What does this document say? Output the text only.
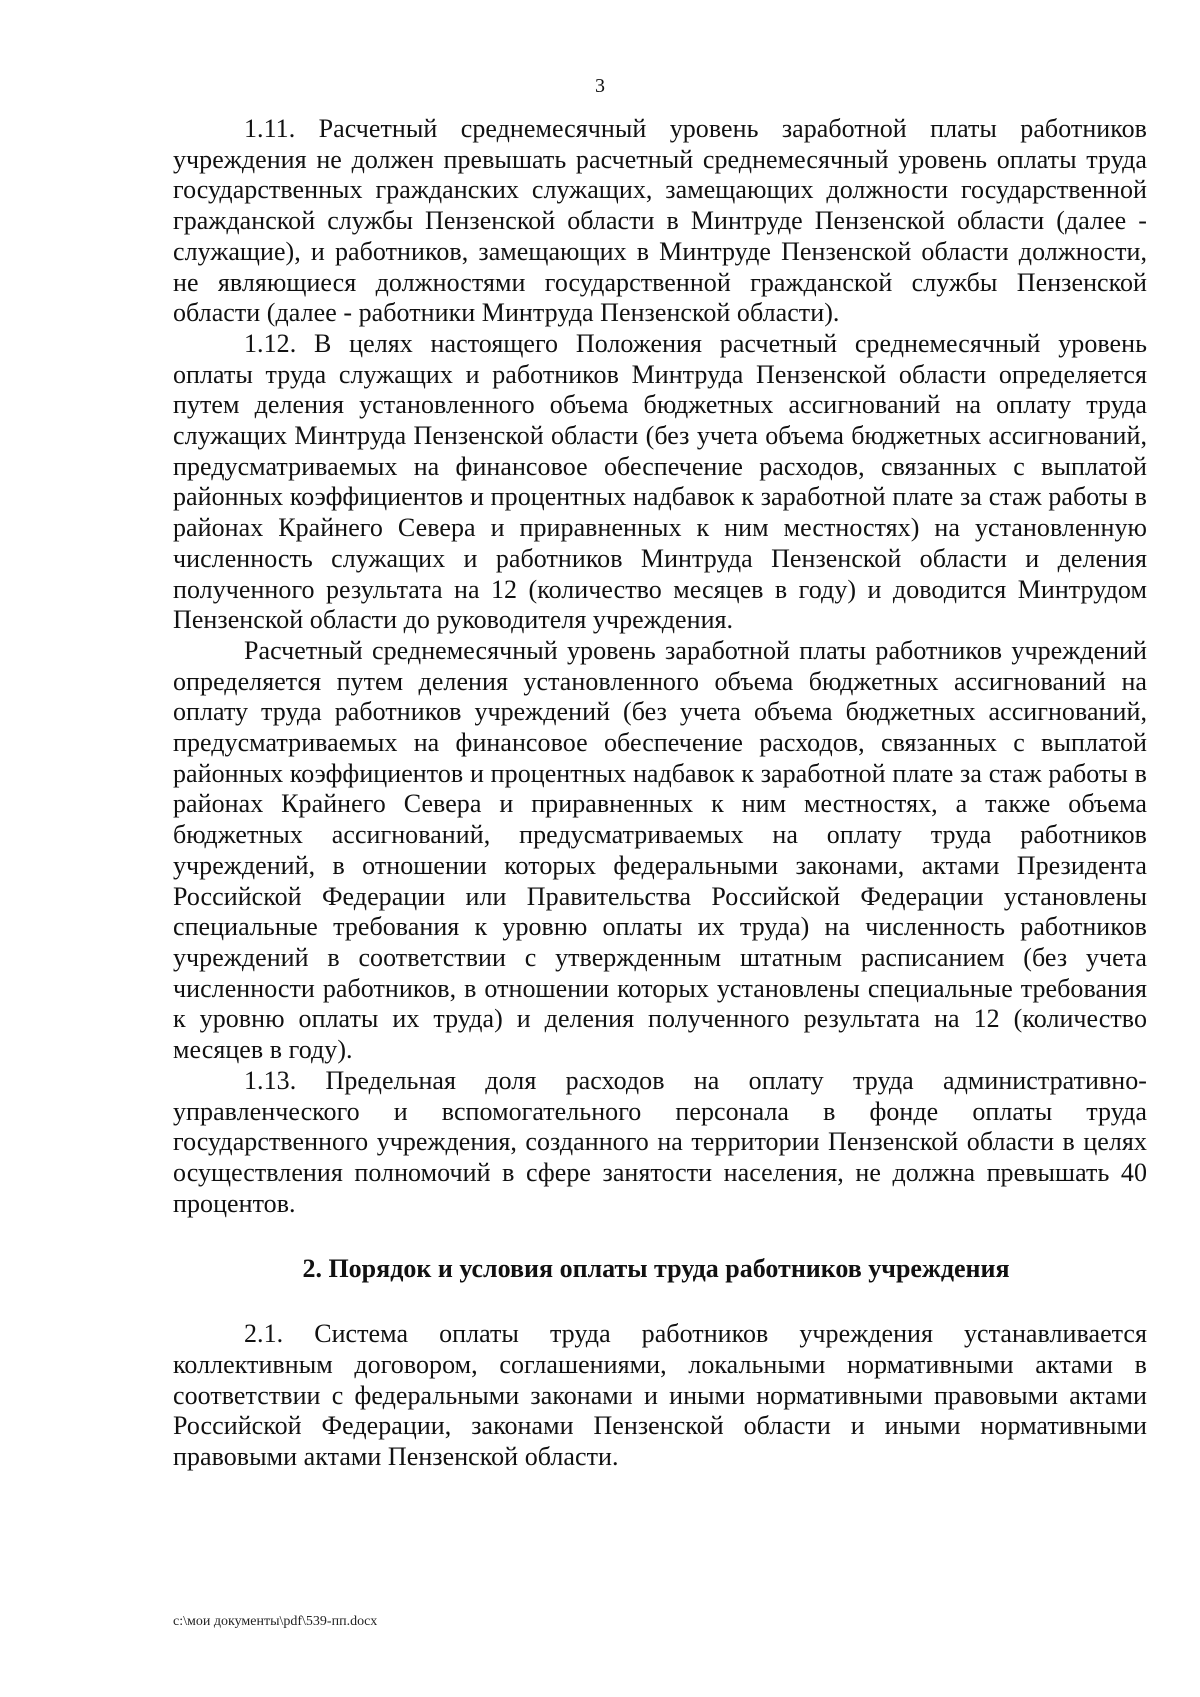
3

1.11. Расчетный среднемесячный уровень заработной платы работников учреждения не должен превышать расчетный среднемесячный уровень оплаты труда государственных гражданских служащих, замещающих должности государственной гражданской службы Пензенской области в Минтруде Пензенской области (далее - служащие), и работников, замещающих в Минтруде Пензенской области должности, не являющиеся должностями государственной гражданской службы Пензенской области (далее - работники Минтруда Пензенской области).

1.12. В целях настоящего Положения расчетный среднемесячный уровень оплаты труда служащих и работников Минтруда Пензенской области определяется путем деления установленного объема бюджетных ассигнований на оплату труда служащих Минтруда Пензенской области (без учета объема бюджетных ассигнований, предусматриваемых на финансовое обеспечение расходов, связанных с выплатой районных коэффициентов и процентных надбавок к заработной плате за стаж работы в районах Крайнего Севера и приравненных к ним местностях) на установленную численность служащих и работников Минтруда Пензенской области и деления полученного результата на 12 (количество месяцев в году) и доводится Минтрудом Пензенской области до руководителя учреждения.

Расчетный среднемесячный уровень заработной платы работников учреждений определяется путем деления установленного объема бюджетных ассигнований на оплату труда работников учреждений (без учета объема бюджетных ассигнований, предусматриваемых на финансовое обеспечение расходов, связанных с выплатой районных коэффициентов и процентных надбавок к заработной плате за стаж работы в районах Крайнего Севера и приравненных к ним местностях, а также объема бюджетных ассигнований, предусматриваемых на оплату труда работников учреждений, в отношении которых федеральными законами, актами Президента Российской Федерации или Правительства Российской Федерации установлены специальные требования к уровню оплаты их труда) на численность работников учреждений в соответствии с утвержденным штатным расписанием (без учета численности работников, в отношении которых установлены специальные требования к уровню оплаты их труда) и деления полученного результата на 12 (количество месяцев в году).

1.13. Предельная доля расходов на оплату труда административно-управленческого и вспомогательного персонала в фонде оплаты труда государственного учреждения, созданного на территории Пензенской области в целях осуществления полномочий в сфере занятости населения, не должна превышать 40 процентов.

2. Порядок и условия оплаты труда работников учреждения

2.1. Система оплаты труда работников учреждения устанавливается коллективным договором, соглашениями, локальными нормативными актами в соответствии с федеральными законами и иными нормативными правовыми актами Российской Федерации, законами Пензенской области и иными нормативными правовыми актами Пензенской области.

c:\мои документы\pdf\539-пп.docx
